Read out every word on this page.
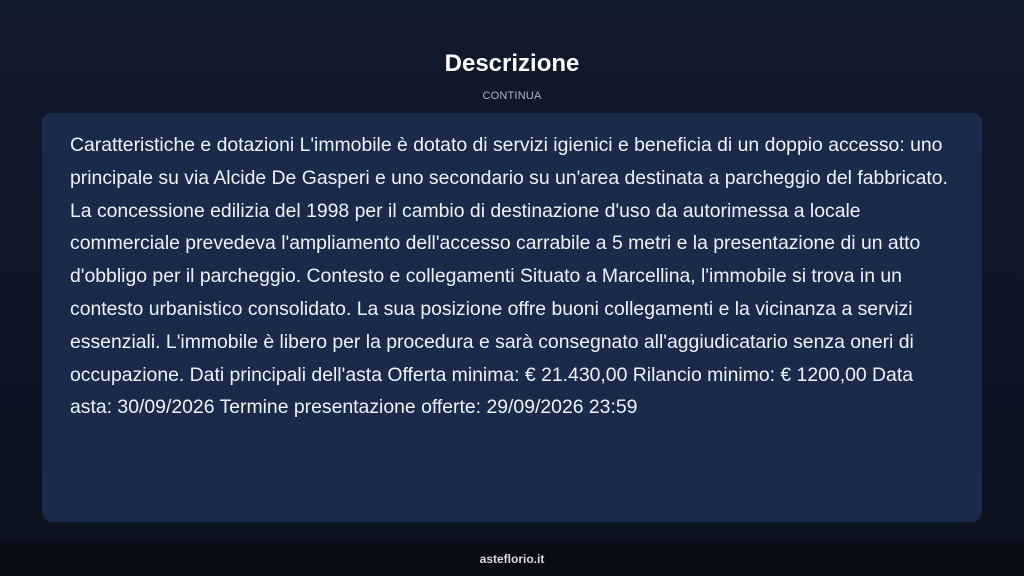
Descrizione
CONTINUA

Caratteristiche e dotazioni L'immobile è dotato di servizi igienici e beneficia di un doppio accesso: uno principale su via Alcide De Gasperi e uno secondario su un'area destinata a parcheggio del fabbricato. La concessione edilizia del 1998 per il cambio di destinazione d'uso da autorimessa a locale commerciale prevedeva l'ampliamento dell'accesso carrabile a 5 metri e la presentazione di un atto d'obbligo per il parcheggio. Contesto e collegamenti Situato a Marcellina, l'immobile si trova in un contesto urbanistico consolidato. La sua posizione offre buoni collegamenti e la vicinanza a servizi essenziali. L'immobile è libero per la procedura e sarà consegnato all'aggiudicatario senza oneri di occupazione. Dati principali dell'asta Offerta minima: € 21.430,00 Rilancio minimo: € 1200,00 Data asta: 30/09/2026 Termine presentazione offerte: 29/09/2026 23:59

asteflorio.it
